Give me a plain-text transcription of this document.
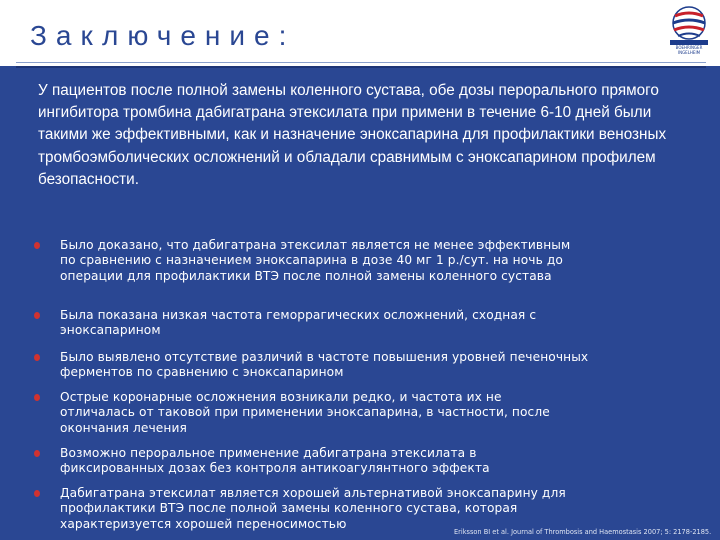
Заключение:	BOEHRINGER INGELHEIM

У пациентов после полной замены коленного сустава, обе дозы перорального прямого ингибитора тромбина дабигатрана этексилата при примени в течение 6-10 дней были такими же эффективными, как и назначение эноксапарина для профилактики венозных тромбоэмболических осложнений и обладали сравнимым с эноксапарином профилем безопасности.

Было доказано, что дабигатрана этексилат является не менее эффективным
по сравнению с назначением эноксапарина в дозе 40 мг 1 р./сут. на ночь до
операции для профилактики ВТЭ после полной замены коленного сустава

Была показана низкая частота геморрагических осложнений, сходная с
эноксапарином

Было выявлено отсутствие различий в частоте повышения уровней печеночных
ферментов по сравнению с эноксапарином

Острые коронарные осложнения возникали редко, и частота их не
отличалась от таковой при применении эноксапарина, в частности, после
окончания лечения

Возможно пероральное применение дабигатрана этексилата в
фиксированных дозах без контроля антикоагулянтного эффекта

Дабигатрана этексилат является хорошей альтернативой эноксапарину для
профилактики ВТЭ после полной замены коленного сустава, которая
характеризуется хорошей переносимостью

Eriksson BI et al. Journal of Thrombosis and Haemostasis 2007; 5: 2178-2185.
